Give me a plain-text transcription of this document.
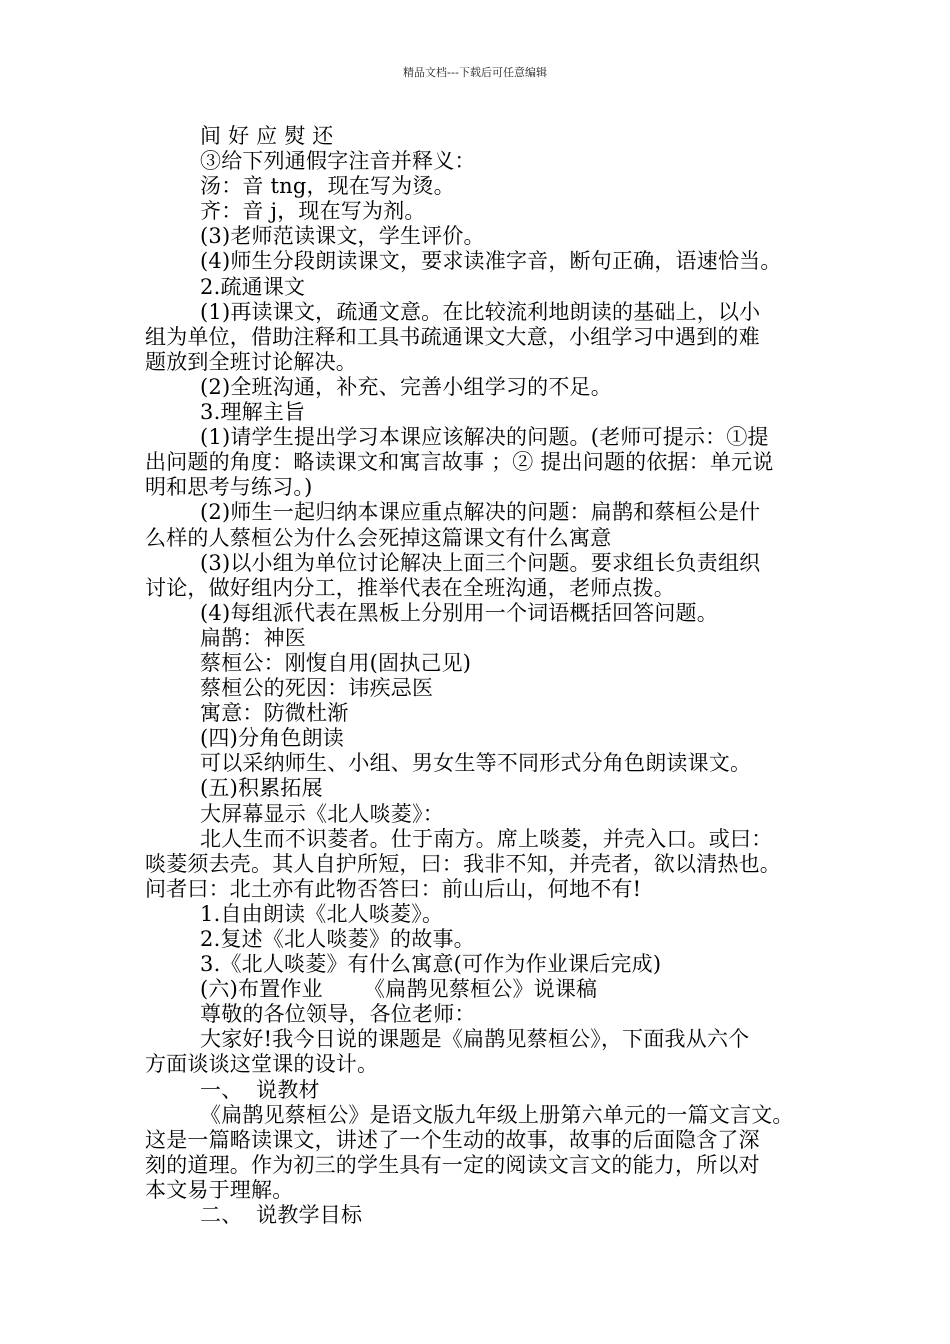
精品文档---下载后可任意编辑
间 好 应 熨 还
③给下列通假字注音并释义：
汤：音 tng，现在写为烫。
齐：音 j，现在写为剂。
(3)老师范读课文，学生评价。
(4)师生分段朗读课文，要求读准字音，断句正确，语速恰当。
2.疏通课文
(1)再读课文，疏通文意。在比较流利地朗读的基础上，以小
组为单位，借助注释和工具书疏通课文大意，小组学习中遇到的难
题放到全班讨论解决。
(2)全班沟通，补充、完善小组学习的不足。
3.理解主旨
(1)请学生提出学习本课应该解决的问题。(老师可提示：①提
出问题的角度：略读课文和寓言故事 ；② 提出问题的依据：单元说
明和思考与练习。)
(2)师生一起归纳本课应重点解决的问题：扁鹊和蔡桓公是什
么样的人蔡桓公为什么会死掉这篇课文有什么寓意
(3)以小组为单位讨论解决上面三个问题。要求组长负责组织
讨论，做好组内分工，推举代表在全班沟通，老师点拨。
(4)每组派代表在黑板上分别用一个词语概括回答问题。
扁鹊：神医
蔡桓公：刚愎自用(固执己见)
蔡桓公的死因：讳疾忌医
寓意：防微杜渐
(四)分角色朗读
可以采纳师生、小组、男女生等不同形式分角色朗读课文。
(五)积累拓展
大屏幕显示《北人啖菱》：
北人生而不识菱者。仕于南方。席上啖菱，并壳入口。或曰：
啖菱须去壳。其人自护所短，曰：我非不知，并壳者，欲以清热也。
问者曰：北土亦有此物否答曰：前山后山，何地不有!
1.自由朗读《北人啖菱》。
2.复述《北人啖菱》的故事。
3.《北人啖菱》有什么寓意(可作为作业课后完成)
(六)布置作业      《扁鹊见蔡桓公》说课稿
尊敬的各位领导，各位老师：
大家好!我今日说的课题是《扁鹊见蔡桓公》，下面我从六个
方面谈谈这堂课的设计。
一、  说教材
《扁鹊见蔡桓公》是语文版九年级上册第六单元的一篇文言文。
这是一篇略读课文，讲述了一个生动的故事，故事的后面隐含了深
刻的道理。作为初三的学生具有一定的阅读文言文的能力，所以对
本文易于理解。
二、  说教学目标
